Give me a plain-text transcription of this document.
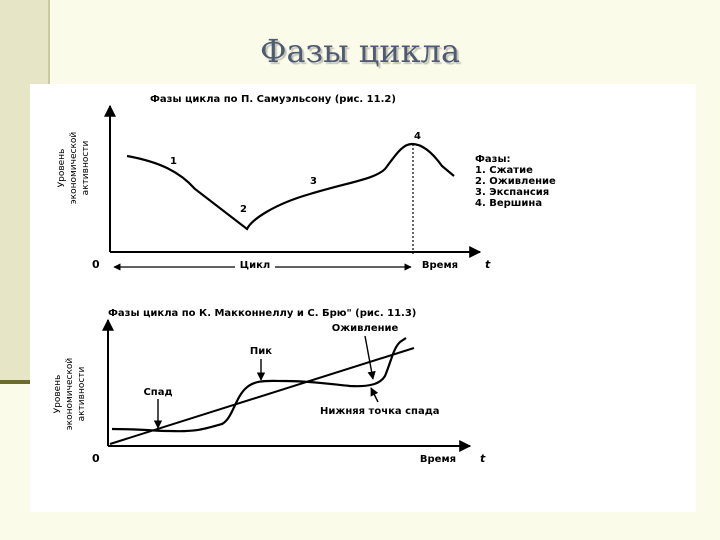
Фазы цикла
Фазы цикла по П. Самуэльсону (рис. 11.2)
Уровень экономической активности
0	t
Цикл	Время
1
2
3
4
Фазы:
1. Сжатие
2. Оживление
3. Экспансия
4. Вершина
Фазы цикла по К. Макконнеллу и С. Брю" (рис. 11.3)
Уровень экономической активности
0	t
Время
Пик
Оживление
Спад
Нижняя точка спада
